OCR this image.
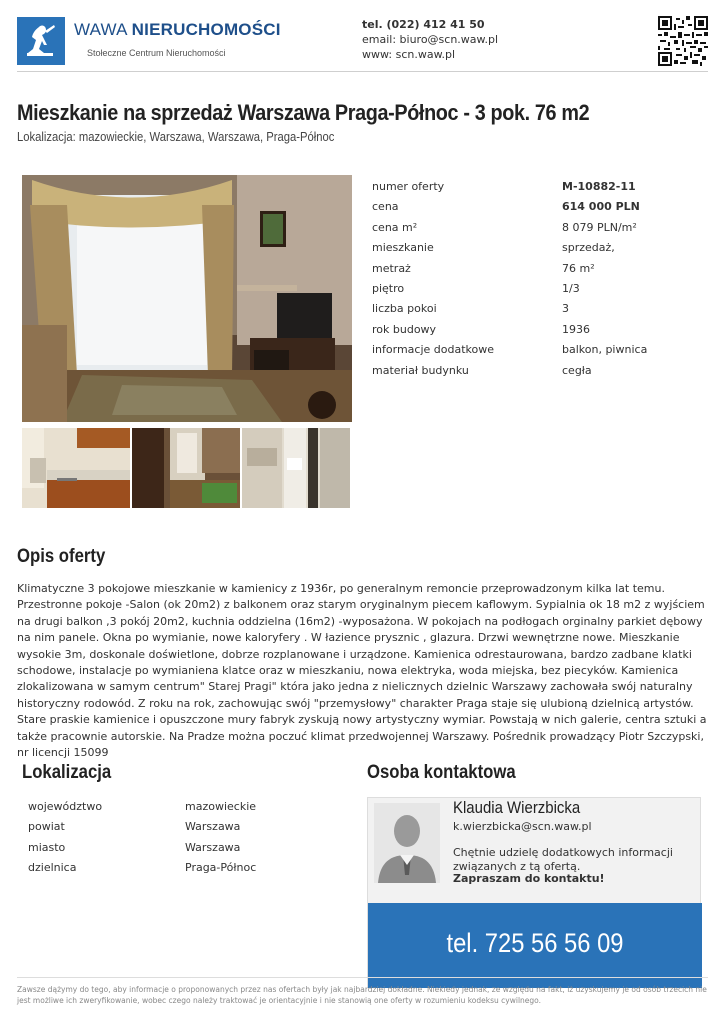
WAWA NIERUCHOMOŚCI
Stołeczne Centrum Nieruchomości
tel. (022) 412 41 50
email: biuro@scn.waw.pl
www: scn.waw.pl
Mieszkanie na sprzedaż Warszawa Praga-Północ - 3 pok. 76 m2
Lokalizacja: mazowieckie, Warszawa, Warszawa, Praga-Północ
numer oferty	M-10882-11
cena	614 000 PLN
cena m²	8 079 PLN/m²
mieszkanie	sprzedaż,
metraż	76 m²
piętro	1/3
liczba pokoi	3
rok budowy	1936
informacje dodatkowe	balkon, piwnica
materiał budynku	cegła
Opis oferty

Klimatyczne 3 pokojowe mieszkanie w kamienicy z 1936r, po generalnym remoncie przeprowadzonym kilka lat temu. Przestronne pokoje -Salon (ok 20m2) z balkonem oraz starym oryginalnym piecem kaflowym. Sypialnia ok 18 m2 z wyjściem na drugi balkon ,3 pokój 20m2, kuchnia oddzielna (16m2) -wyposażona. W pokojach na podłogach orginalny parkiet dębowy na nim panele. Okna po wymianie, nowe kaloryfery . W łazience prysznic , glazura. Drzwi wewnętrzne nowe. Mieszkanie wysokie 3m, doskonale doświetlone, dobrze rozplanowane i urządzone. Kamienica odrestaurowana, bardzo zadbane klatki schodowe, instalacje po wymianiena klatce oraz w mieszkaniu, nowa elektryka, woda miejska, bez piecyków. Kamienica zlokalizowana w samym centrum" Starej Pragi" która jako jedna z nielicznych dzielnic Warszawy zachowała swój naturalny historyczny rodowód. Z roku na rok, zachowując swój "przemysłowy" charakter Praga staje się ulubioną dzielnicą artystów. Stare praskie kamienice i opuszczone mury fabryk zyskują nowy artystyczny wymiar. Powstają w nich galerie, centra sztuki a także pracownie autorskie. Na Pradze można poczuć klimat przedwojennej Warszawy. Pośrednik prowadzący Piotr Szczypski, nr licencji 15099

Lokalizacja
województwo	mazowieckie
powiat	Warszawa
miasto	Warszawa
dzielnica	Praga-Północ
Osoba kontaktowa
Klaudia Wierzbicka
k.wierzbicka@scn.waw.pl
Chętnie udzielę dodatkowych informacji związanych z tą ofertą.
Zapraszam do kontaktu!
tel. 725 56 56 09

Zawsze dążymy do tego, aby informacje o proponowanych przez nas ofertach były jak najbardziej dokładne. Niekiedy jednak, ze względu na fakt, iż uzyskujemy je od osób trzecich nie jest możliwe ich zweryfikowanie, wobec czego należy traktować je orientacyjnie i nie stanowią one oferty w rozumieniu kodeksu cywilnego.
